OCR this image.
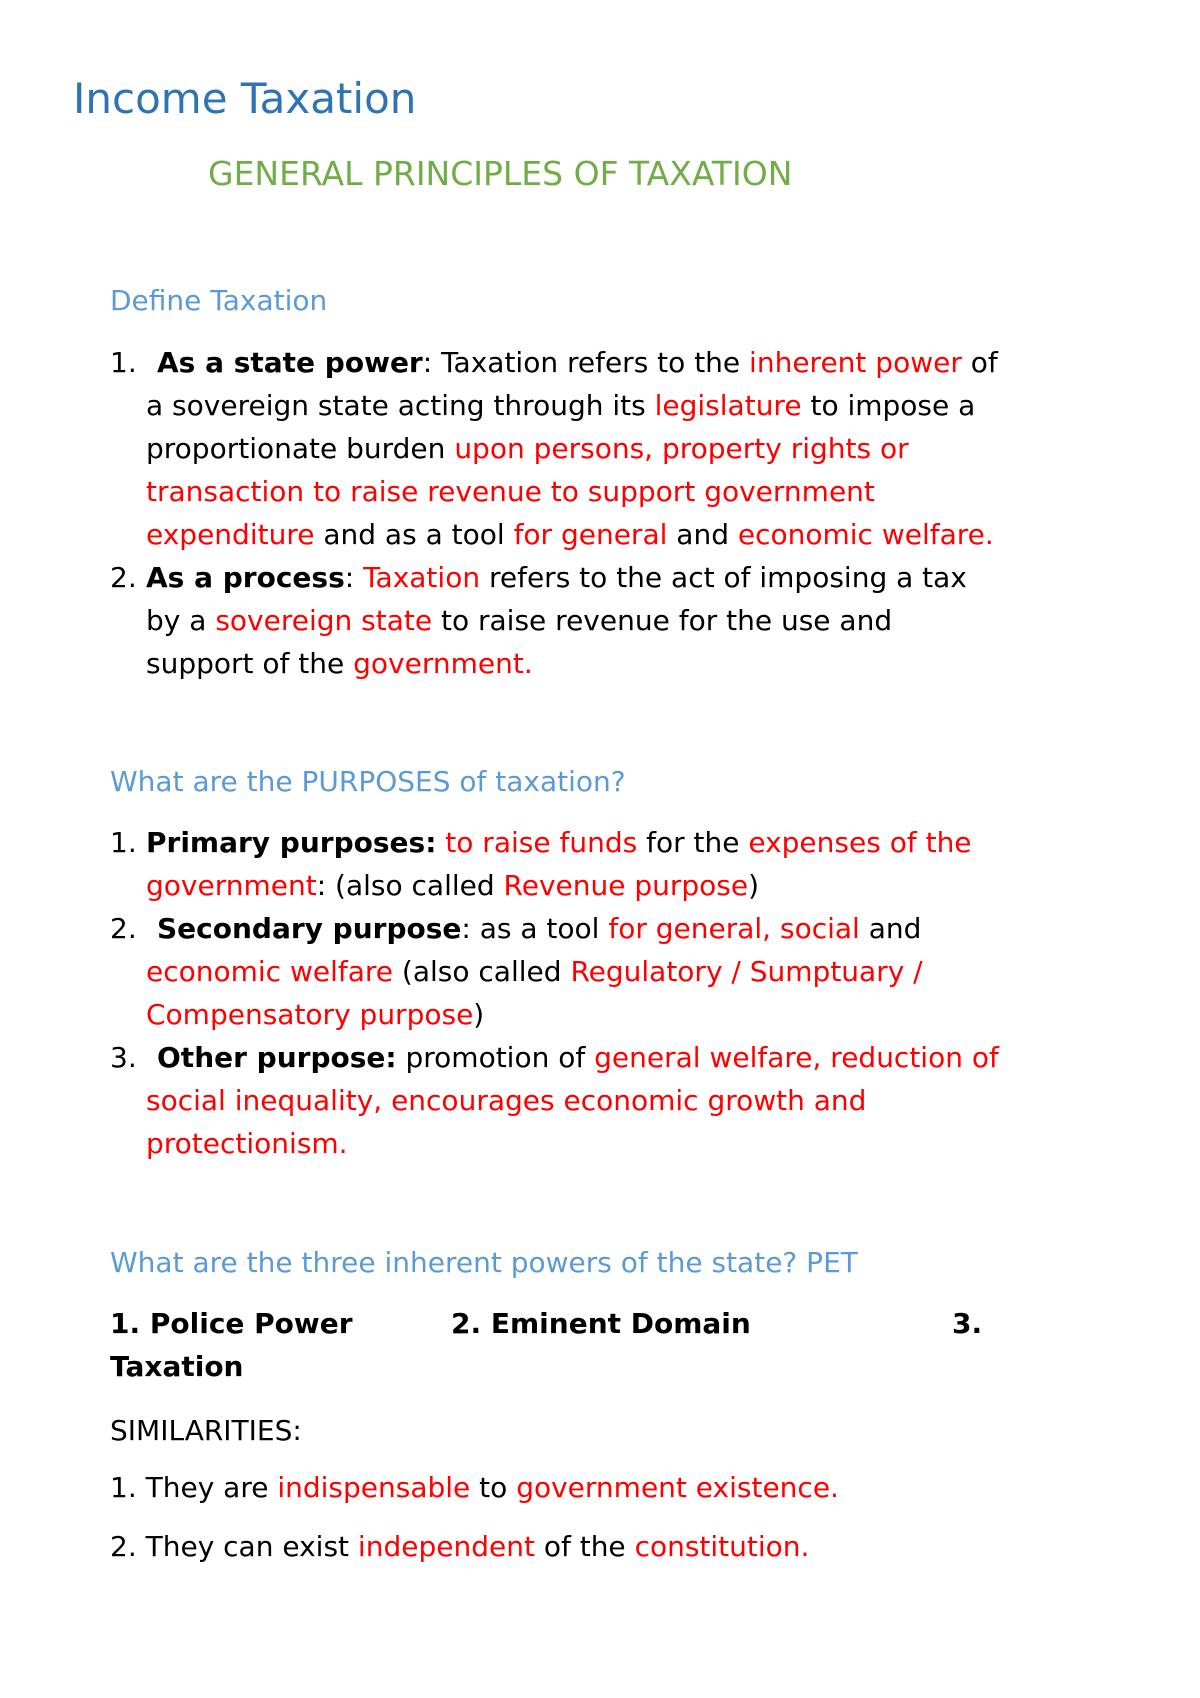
Income Taxation
GENERAL PRINCIPLES OF TAXATION
Define Taxation
1. As a state power: Taxation refers to the inherent power of
a sovereign state acting through its legislature to impose a
proportionate burden upon persons, property rights or
transaction to raise revenue to support government
expenditure and as a tool for general and economic welfare.
2. As a process: Taxation refers to the act of imposing a tax
by a sovereign state to raise revenue for the use and
support of the government.
What are the PURPOSES of taxation?
1. Primary purposes: to raise funds for the expenses of the
government: (also called Revenue purpose)
2. Secondary purpose: as a tool for general, social and
economic welfare (also called Regulatory / Sumptuary /
Compensatory purpose)
3. Other purpose: promotion of general welfare, reduction of
social inequality, encourages economic growth and
protectionism.
What are the three inherent powers of the state? PET
1. Police Power	2. Eminent Domain	3.
Taxation

SIMILARITIES:

1. They are indispensable to government existence.
2. They can exist independent of the constitution.
